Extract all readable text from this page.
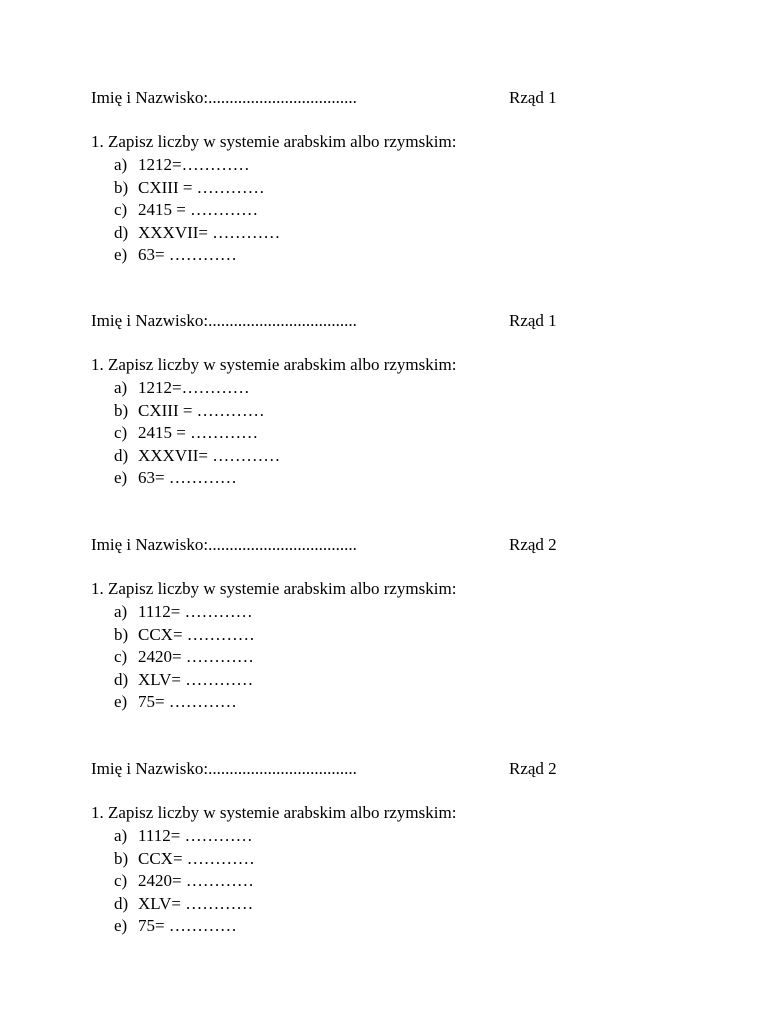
Imię i Nazwisko:...................................	Rząd 1
1. Zapisz liczby w systemie arabskim albo rzymskim:
a) 1212=…………
b) CXIII = …………
c) 2415 = …………
d) XXXVII= …………
e) 63= …………
Imię i Nazwisko:...................................	Rząd 1
1. Zapisz liczby w systemie arabskim albo rzymskim:
a) 1212=…………
b) CXIII = …………
c) 2415 = …………
d) XXXVII= …………
e) 63= …………
Imię i Nazwisko:...................................	Rząd 2
1. Zapisz liczby w systemie arabskim albo rzymskim:
a) 1112= …………
b) CCX= …………
c) 2420= …………
d) XLV= …………
e) 75= …………
Imię i Nazwisko:...................................	Rząd 2
1. Zapisz liczby w systemie arabskim albo rzymskim:
a) 1112= …………
b) CCX= …………
c) 2420= …………
d) XLV= …………
e) 75= …………
